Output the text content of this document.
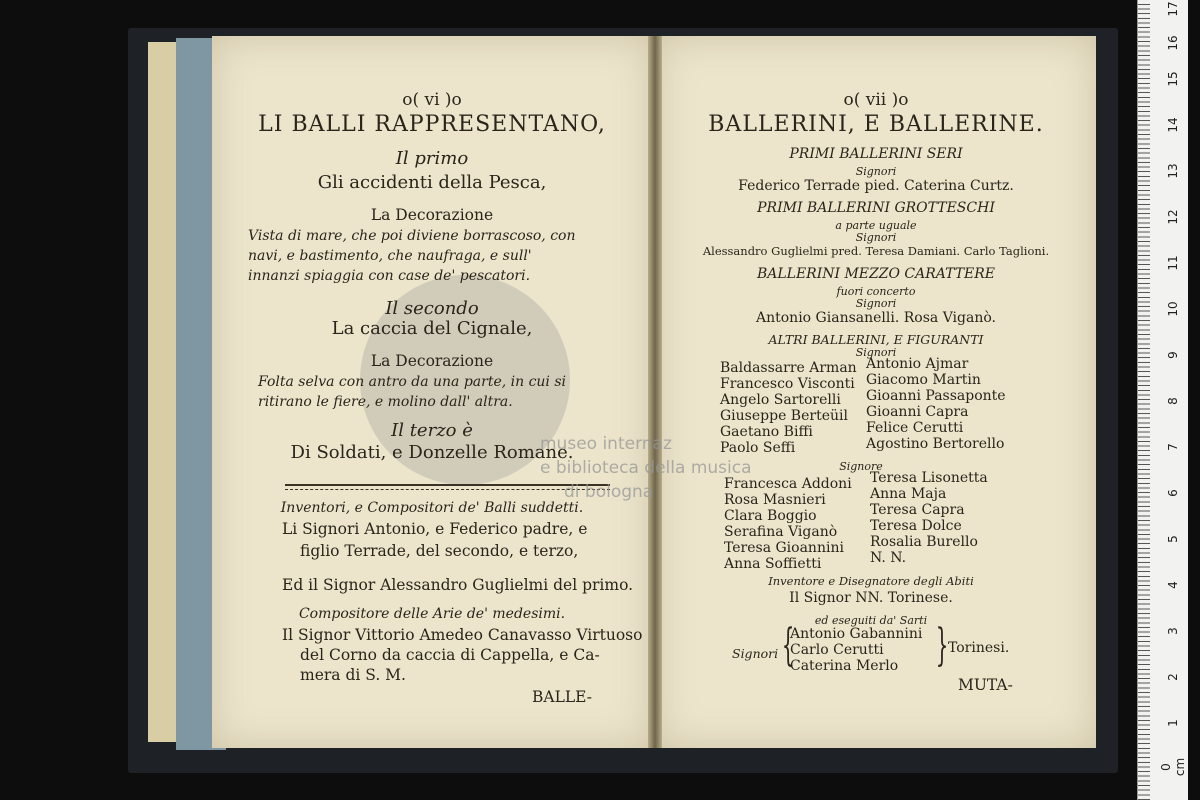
o( vi )o
LI BALLI RAPPRESENTANO,
Il primo
Gli accidenti della Pesca,
La Decorazione
Vista di mare, che poi diviene borrascoso, con
navi, e bastimento, che naufraga, e sull'
innanzi spiaggia con case de' pescatori.
Il secondo
La caccia del Cignale,
La Decorazione
Folta selva con antro da una parte, in cui si
ritirano le fiere, e molino dall' altra.
Il terzo è
Di Soldati, e Donzelle Romane.
Inventori, e Compositori de' Balli suddetti.
Li Signori Antonio, e Federico padre, e
figlio Terrade, del secondo, e terzo,
Ed il Signor Alessandro Guglielmi del primo.
Compositore delle Arie de' medesimi.
Il Signor Vittorio Amedeo Canavasso Virtuoso
del Corno da caccia di Cappella, e Ca-
mera di S. M.
BALLE-
o( vii )o
BALLERINI, E BALLERINE.
PRIMI BALLERINI SERI
Signori
Federico Terrade pied. Caterina Curtz.
PRIMI BALLERINI GROTTESCHI
a parte uguale
Signori
Alessandro Guglielmi pred. Teresa Damiani. Carlo Taglioni.
BALLERINI MEZZO CARATTERE
fuori concerto
Signori
Antonio Giansanelli. Rosa Viganò.
ALTRI BALLERINI, E FIGURANTI
Signori
Baldassarre Arman
Francesco Visconti
Angelo Sartorelli
Giuseppe Berteüil
Gaetano Biffi
Paolo Seffi
Antonio Ajmar
Giacomo Martin
Gioanni Passaponte
Gioanni Capra
Felice Cerutti
Agostino Bertorello
Signore
Francesca Addoni
Rosa Masnieri
Clara Boggio
Serafina Viganò
Teresa Gioannini
Anna Soffietti
Teresa Lisonetta
Anna Maja
Teresa Capra
Teresa Dolce
Rosalia Burello
N. N.
Inventore e Disegnatore degli Abiti
Il Signor NN. Torinese.
ed eseguiti da' Sarti
Signori {
Antonio Gabannini
Carlo Cerutti
Caterina Merlo } Torinesi.
MUTA-
museo internaz
e biblioteca della musica
di bologna
0 cm
1
2
3
4
5
6
7
8
9
10
11
12
13
14
15
16
17
